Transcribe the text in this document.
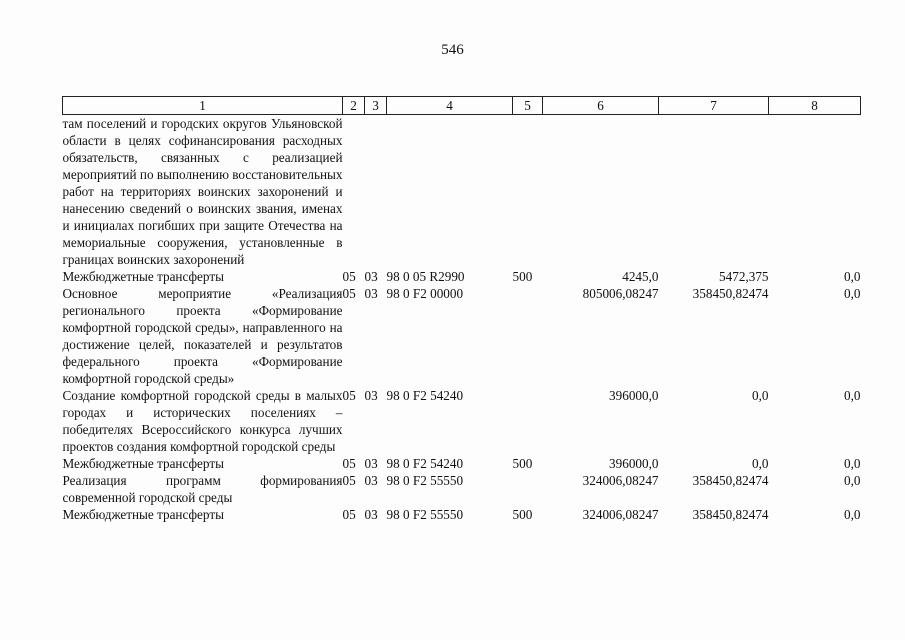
546
1	2	3	4	5	6	7	8
там поселений и городских округов Ульяновской области в целях софинансирования расходных обязательств, связанных с реализацией мероприятий по выполнению восстановительных работ на территориях воинских захоронений и нанесению сведений о воинских звания, именах и инициалах погибших при защите Отечества на мемориальные сооружения, установленные в границах воинских захоронений							
Межбюджетные трансферты	05	03	98 0 05 R2990	500	4245,0	5472,375	0,0
Основное мероприятие «Реализация регионального проекта «Формирование комфортной городской среды», направленного на достижение целей, показателей и результатов федерального проекта «Формирование комфортной городской среды»	05	03	98 0 F2 00000		805006,08247	358450,82474	0,0
Создание комфортной городской среды в малых городах и исторических поселениях – победителях Всероссийского конкурса лучших проектов создания комфортной городской среды	05	03	98 0 F2 54240		396000,0	0,0	0,0
Межбюджетные трансферты	05	03	98 0 F2 54240	500	396000,0	0,0	0,0
Реализация программ формирования современной городской среды	05	03	98 0 F2 55550		324006,08247	358450,82474	0,0
Межбюджетные трансферты	05	03	98 0 F2 55550	500	324006,08247	358450,82474	0,0
